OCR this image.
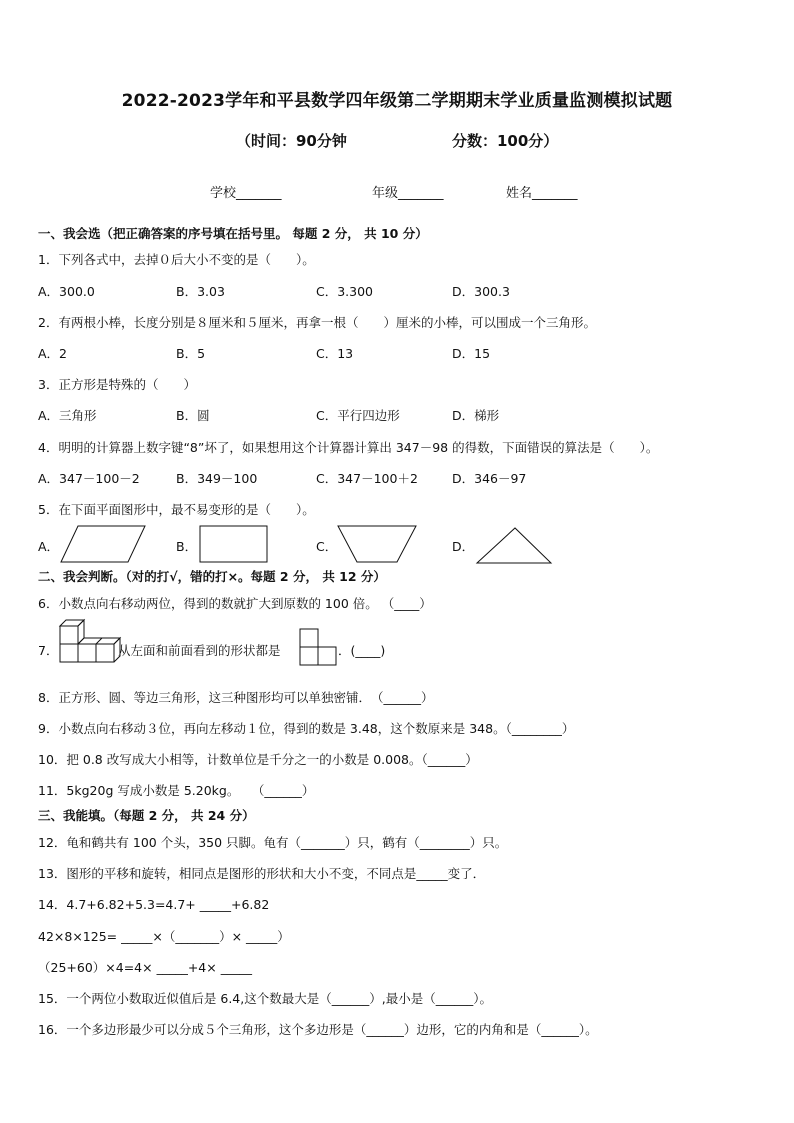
2022-2023学年和平县数学四年级第二学期期末学业质量监测模拟试题
（时间：90分钟	分数：100分）
学校_______	年级_______	姓名_______
一、我会选（把正确答案的序号填在括号里。 每题 2 分， 共 10 分）
1．下列各式中，去掉０后大小不变的是（　　）。
A．300.0	B．3.03	C．3.300	D．300.3
2．有两根小棒，长度分别是８厘米和５厘米，再拿一根（　　）厘米的小棒，可以围成一个三角形。
A．2	B．5	C．13	D．15
3．正方形是特殊的（　　）
A．三角形	B．圆	C．平行四边形	D．梯形
4．明明的计算器上数字键“8”坏了，如果想用这个计算器计算出 347－98 的得数，下面错误的算法是（　　）。
A．347－100－2	B．349－100	C．347－100＋2	D．346－97
5．在下面平面图形中，最不易变形的是（　　）。
A．	B．	C．	D．
二、我会判断。（对的打√，错的打×。每题 2 分， 共 12 分）
6．小数点向右移动两位，得到的数就扩大到原数的 100 倍。 （____）
7．	从左面和前面看到的形状都是	．(____)
8．正方形、圆、等边三角形，这三种图形均可以单独密铺．　（______）
9．小数点向右移动３位，再向左移动１位，得到的数是 3.48，这个数原来是 348。（________）
10．把 0.8 改写成大小相等，计数单位是千分之一的小数是 0.008。（______）
11．5kg20g 写成小数是 5.20kg。　　（______）
三、我能填。（每题 2 分， 共 24 分）
12．龟和鹤共有 100 个头，350 只脚。龟有（_______）只，鹤有（________）只。
13．图形的平移和旋转，相同点是图形的形状和大小不变，不同点是_____变了．
14．4.7+6.82+5.3=4.7+ _____+6.82
42×8×125= _____×（_______）× _____）
（25+60）×4=4× _____+4× _____
15．一个两位小数取近似值后是 6.4,这个数最大是（______）,最小是（______）。
16．一个多边形最少可以分成５个三角形，这个多边形是（______）边形，它的内角和是（______）。
